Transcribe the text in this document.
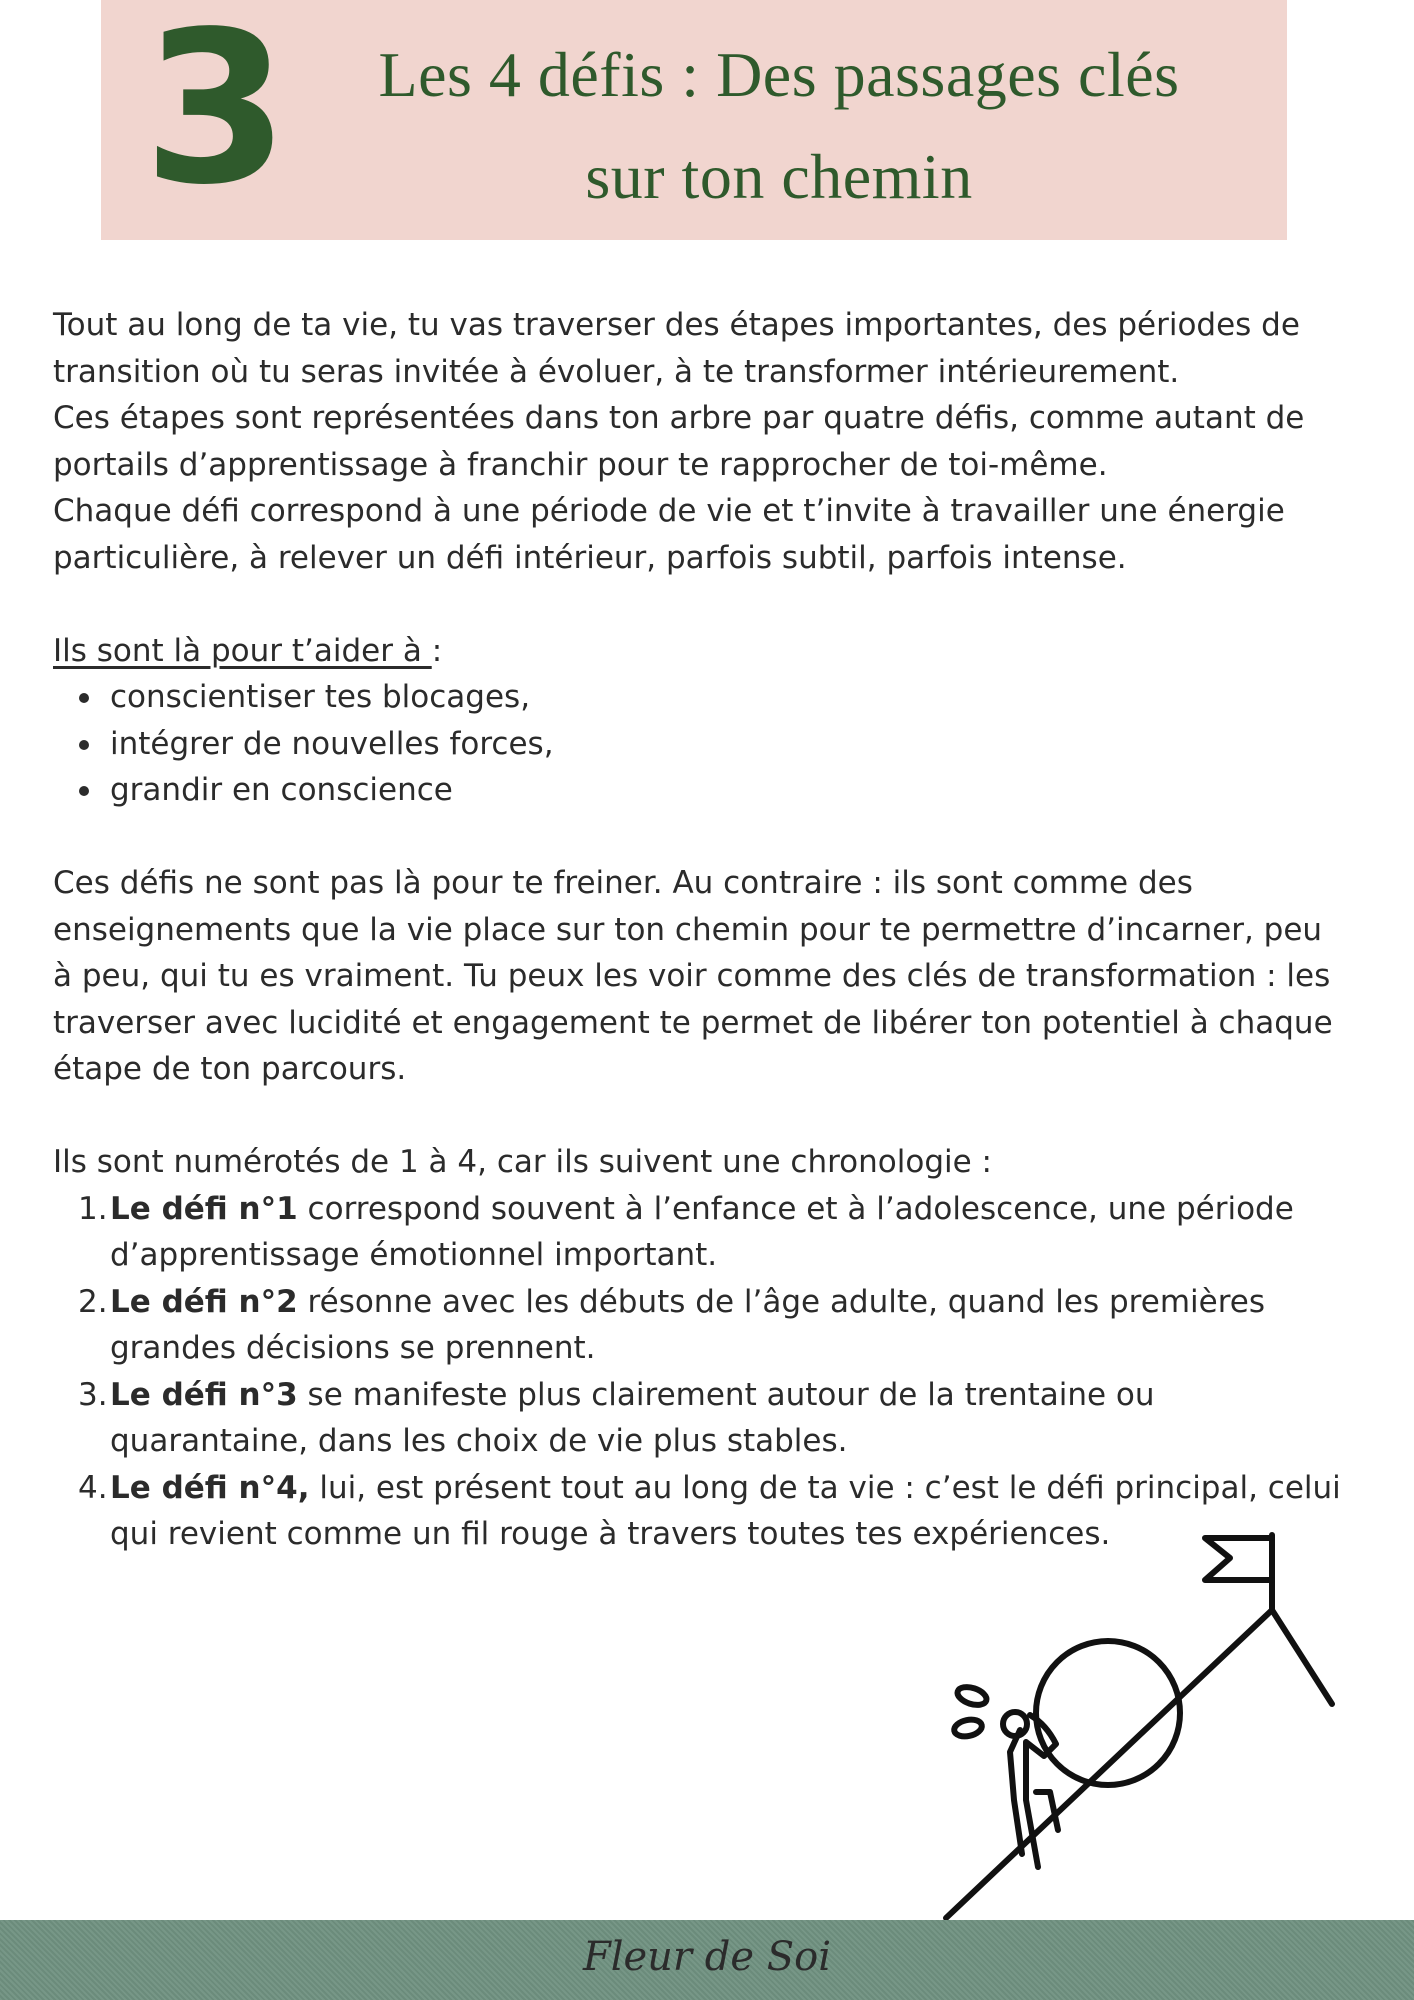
3	Les 4 défis : Des passages clés
sur ton chemin

Tout au long de ta vie, tu vas traverser des étapes importantes, des périodes de transition où tu seras invitée à évoluer, à te transformer intérieurement.

Ces étapes sont représentées dans ton arbre par quatre défis, comme autant de portails d’apprentissage à franchir pour te rapprocher de toi-même.

Chaque défi correspond à une période de vie et t’invite à travailler une énergie particulière, à relever un défi intérieur, parfois subtil, parfois intense.

Ils sont là pour t’aider à :

conscientiser tes blocages,
intégrer de nouvelles forces,
grandir en conscience

Ces défis ne sont pas là pour te freiner. Au contraire : ils sont comme des enseignements que la vie place sur ton chemin pour te permettre d’incarner, peu à peu, qui tu es vraiment. Tu peux les voir comme des clés de transformation : les traverser avec lucidité et engagement te permet de libérer ton potentiel à chaque étape de ton parcours.

Ils sont numérotés de 1 à 4, car ils suivent une chronologie :

1. Le défi n°1 correspond souvent à l’enfance et à l’adolescence, une période d’apprentissage émotionnel important.
2. Le défi n°2 résonne avec les débuts de l’âge adulte, quand les premières grandes décisions se prennent.
3. Le défi n°3 se manifeste plus clairement autour de la trentaine ou quarantaine, dans les choix de vie plus stables.
4. Le défi n°4, lui, est présent tout au long de ta vie : c’est le défi principal, celui qui revient comme un fil rouge à travers toutes tes expériences.
Fleur de Soi
